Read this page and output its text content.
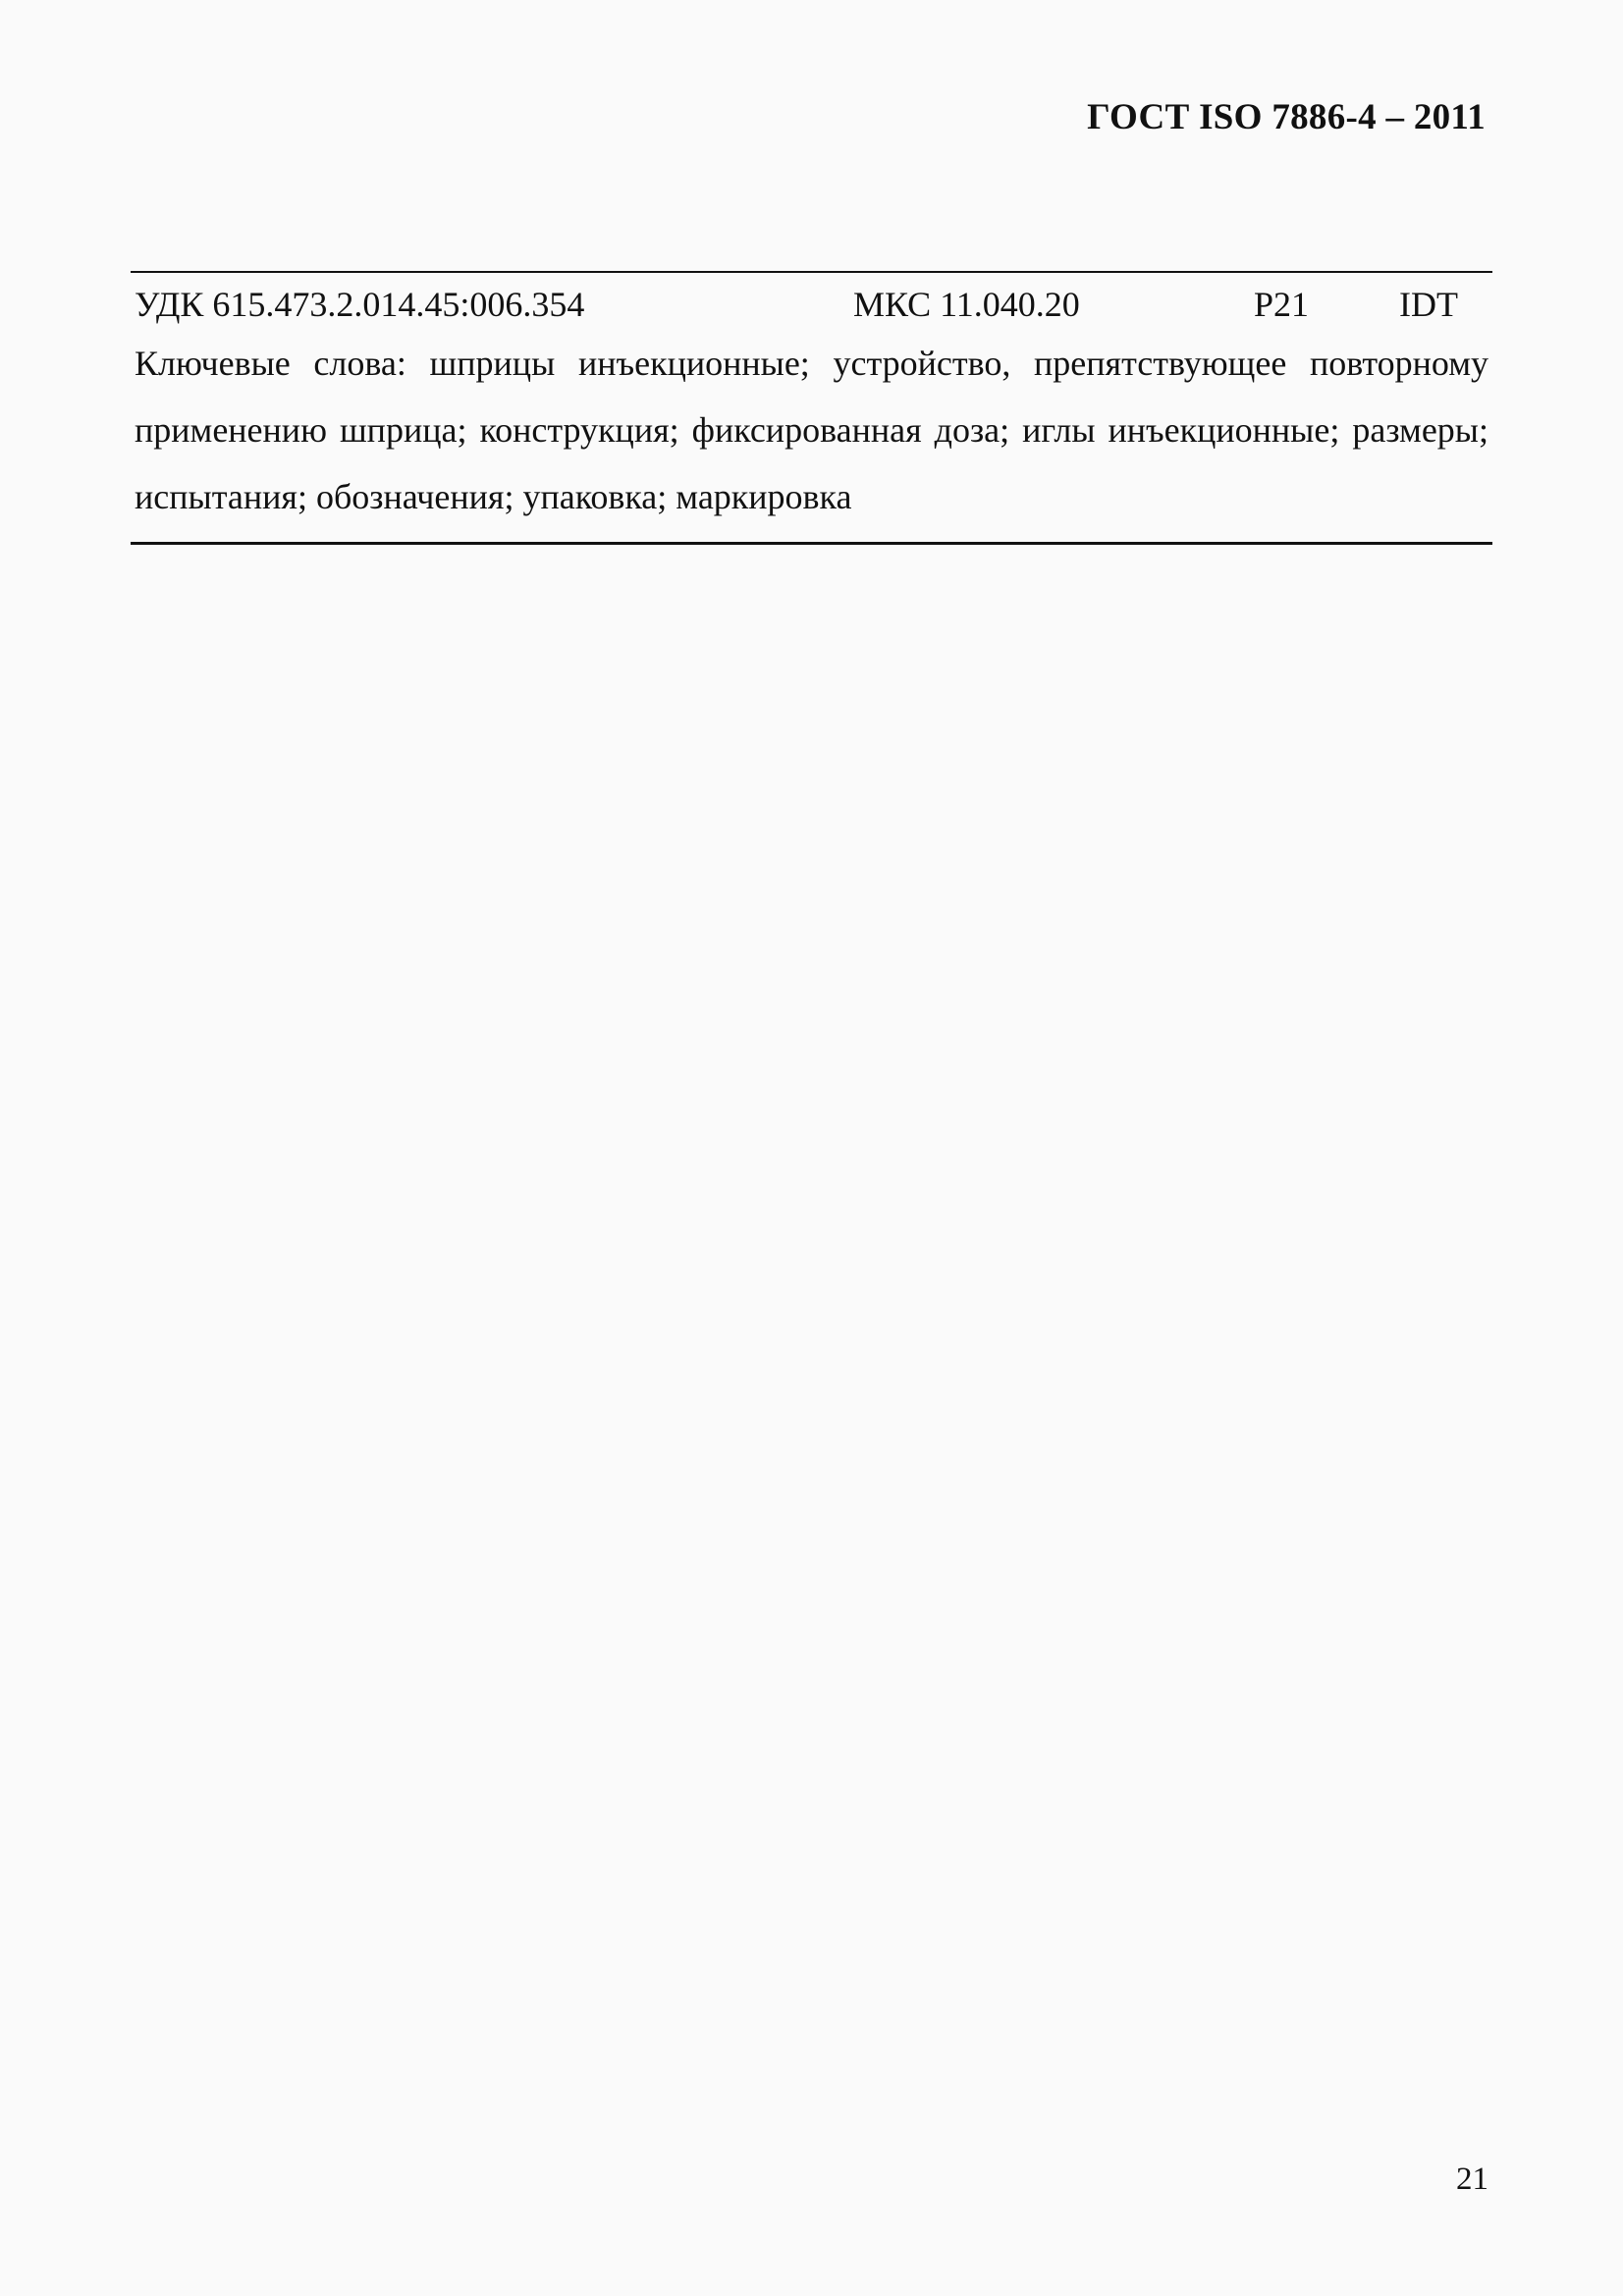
ГОСТ ISO 7886-4 – 2011
УДК 615.473.2.014.45:006.354	МКС 11.040.20	Р21	IDT
Ключевые слова: шприцы инъекционные; устройство, препятствующее повторному применению шприца; конструкция; фиксированная доза; иглы инъекционные; размеры; испытания; обозначения; упаковка; маркировка
21
